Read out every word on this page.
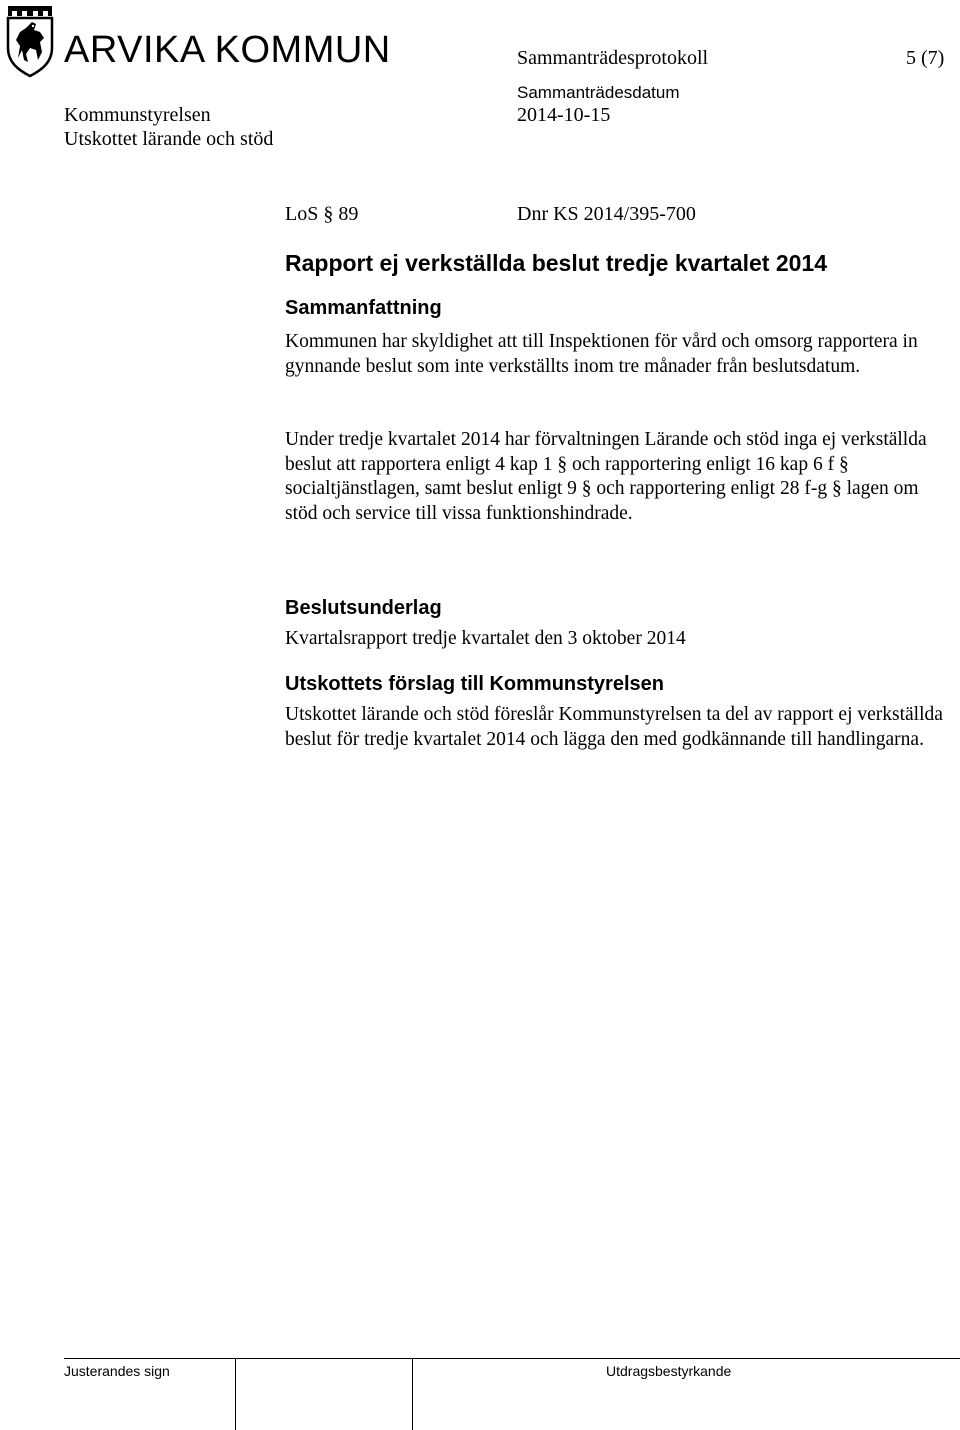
ARVIKA KOMMUN	Sammanträdesprotokoll	5 (7)
Sammanträdesdatum
Kommunstyrelsen	2014-10-15
Utskottet lärande och stöd
LoS § 89	Dnr KS 2014/395-700
Rapport ej verkställda beslut tredje kvartalet 2014
Sammanfattning

Kommunen har skyldighet att till Inspektionen för vård och omsorg rapportera in gynnande beslut som inte verkställts inom tre månader från beslutsdatum.

Under tredje kvartalet 2014 har förvaltningen Lärande och stöd inga ej verkställda beslut att rapportera enligt 4 kap 1 § och rapportering enligt 16 kap 6 f § socialtjänstlagen, samt beslut enligt 9 § och rapportering enligt 28 f-g § lagen om stöd och service till vissa funktionshindrade.

Beslutsunderlag

Kvartalsrapport tredje kvartalet den 3 oktober 2014

Utskottets förslag till Kommunstyrelsen

Utskottet lärande och stöd föreslår Kommunstyrelsen ta del av rapport ej verkställda beslut för tredje kvartalet 2014 och lägga den med godkännande till handlingarna.

Justerandes sign	Utdragsbestyrkande
